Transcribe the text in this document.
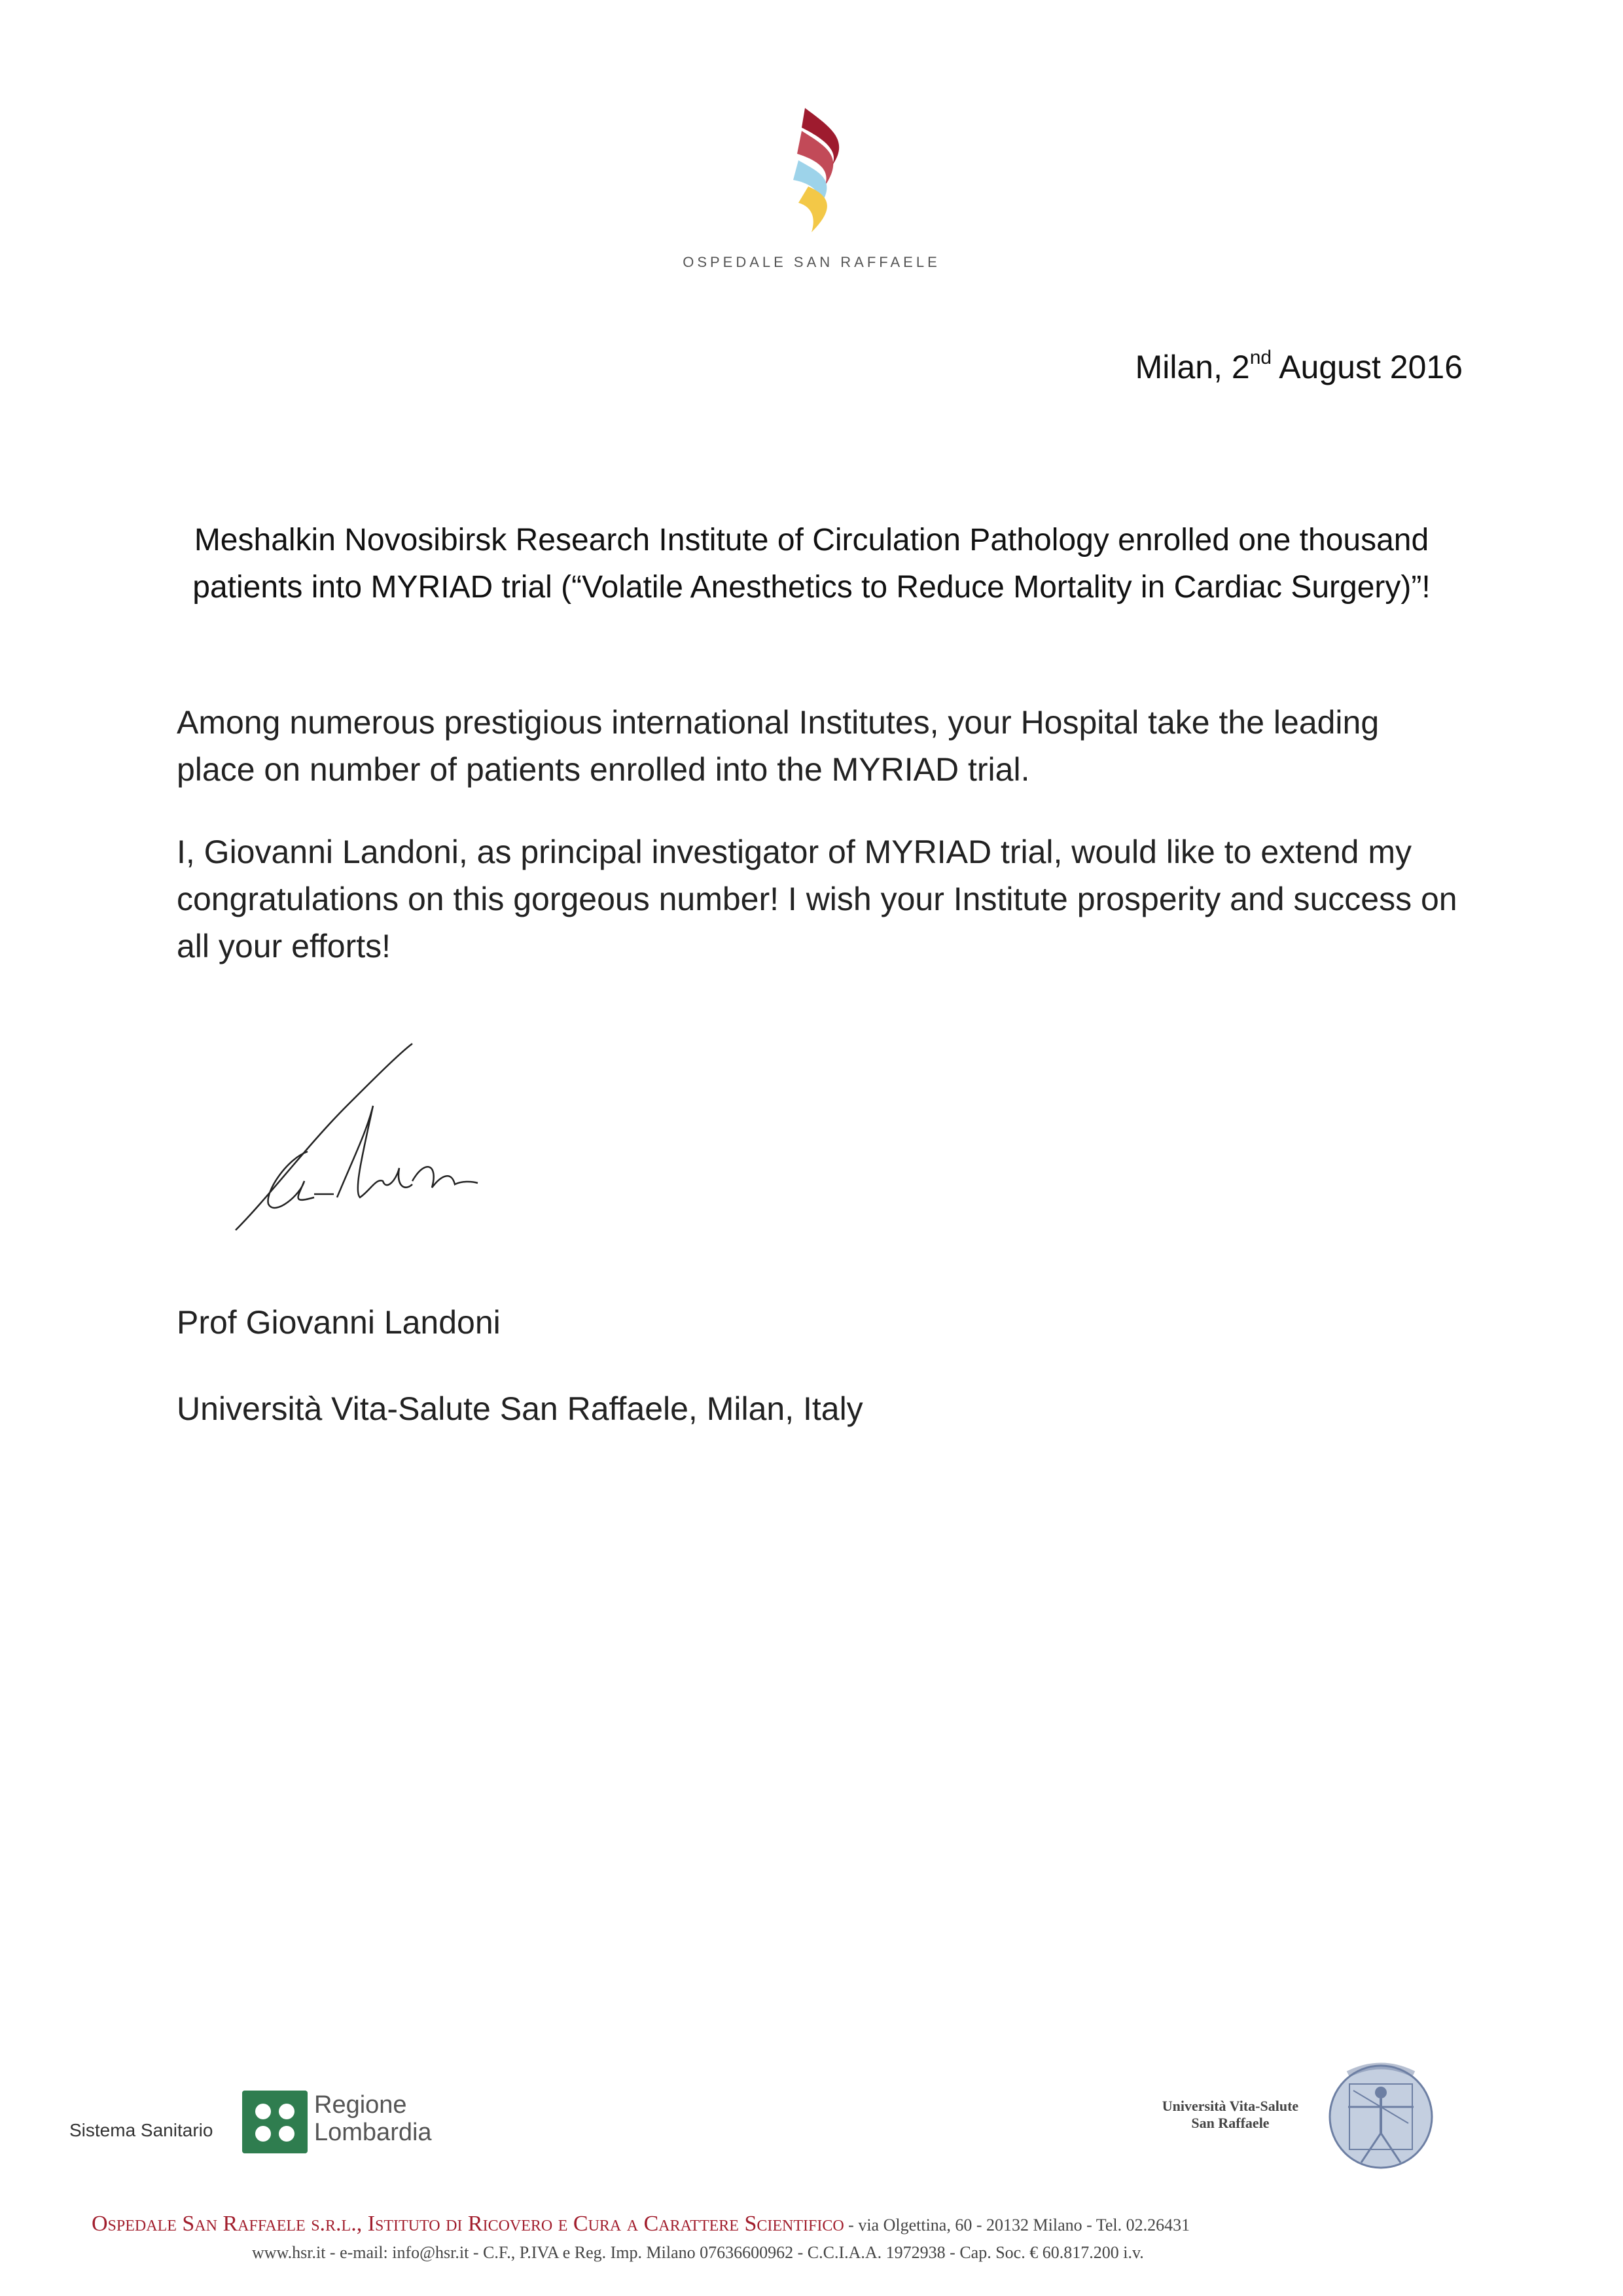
OSPEDALE SAN RAFFAELE
Milan, 2nd August 2016
Meshalkin Novosibirsk Research Institute of Circulation Pathology enrolled one thousand patients into MYRIAD trial (“Volatile Anesthetics to Reduce Mortality in Cardiac Surgery)”!
Among numerous prestigious international Institutes, your Hospital take the leading place on number of patients enrolled into the MYRIAD trial.
I, Giovanni Landoni, as principal investigator of MYRIAD trial, would like to extend my congratulations on this gorgeous number! I wish your Institute prosperity and success on all your efforts!
Prof Giovanni Landoni
Università Vita-Salute San Raffaele, Milan, Italy
Sistema Sanitario
Regione
Lombardia
Università Vita-Salute
San Raffaele
Ospedale San Raffaele s.r.l., Istituto di Ricovero e Cura a Carattere Scientifico - via Olgettina, 60 - 20132 Milano - Tel. 02.26431
www.hsr.it - e-mail: info@hsr.it - C.F., P.IVA e Reg. Imp. Milano 07636600962 - C.C.I.A.A. 1972938 - Cap. Soc. € 60.817.200 i.v.
